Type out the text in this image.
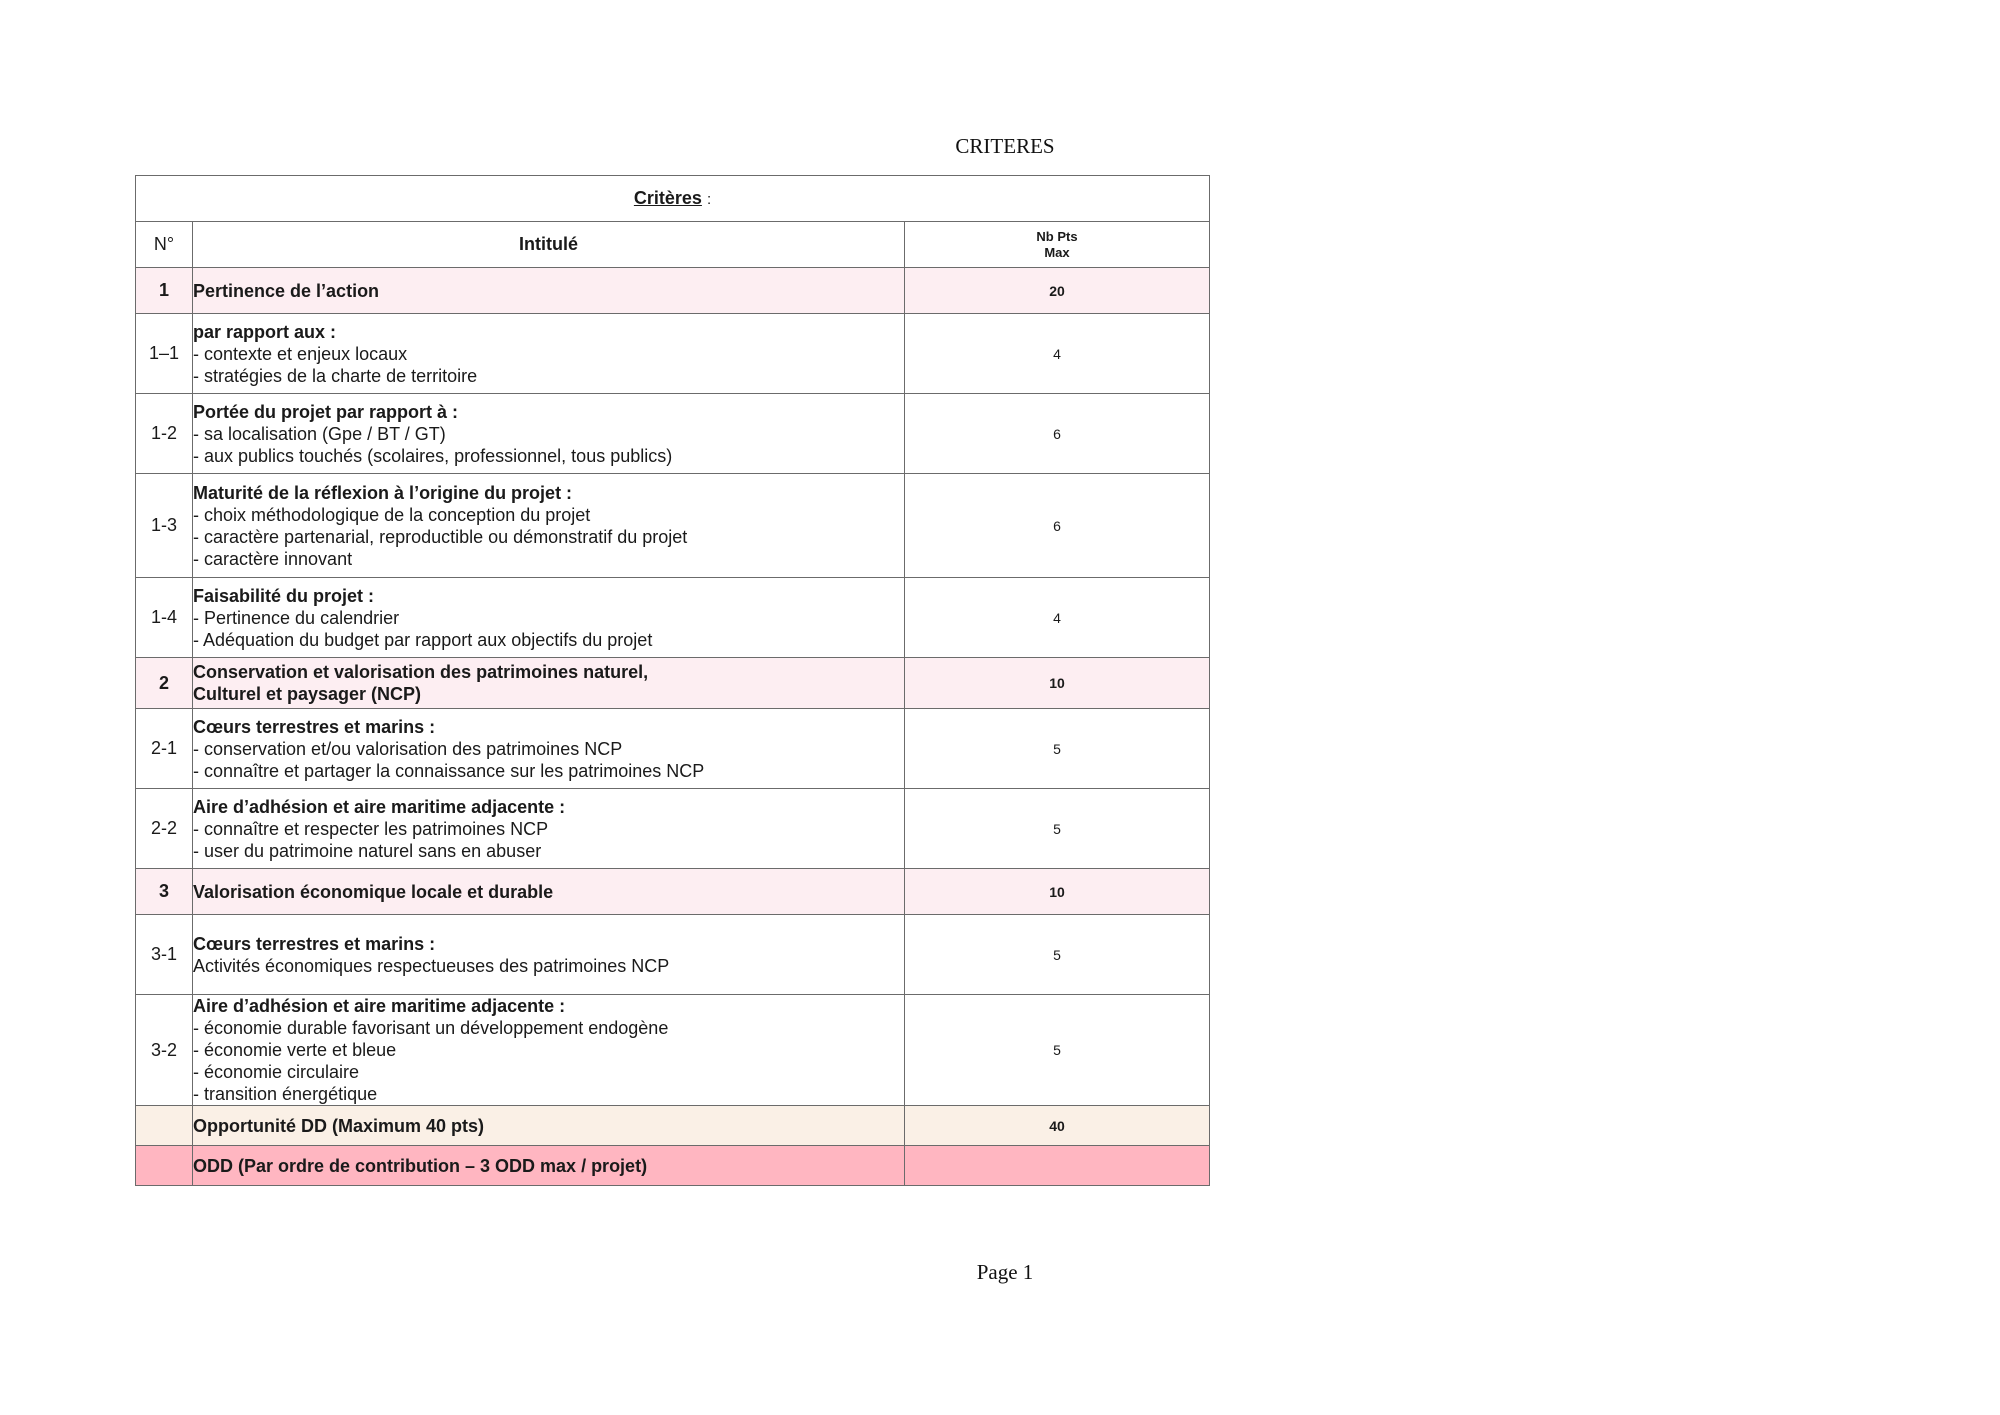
CRITERES
Critères :		
N°	Intitulé	Nb Pts
Max

1	Pertinence de l’action	20
1–1	par rapport aux :
- contexte et enjeux locaux
- stratégies de la charte de territoire	4
1-2	Portée du projet par rapport à :
- sa localisation (Gpe / BT / GT)
- aux publics touchés (scolaires, professionnel, tous publics)	6
1-3	Maturité de la réflexion à l’origine du projet :
- choix méthodologique de la conception du projet
- caractère partenarial, reproductible ou démonstratif du projet
- caractère innovant	6
1-4	Faisabilité du projet :
- Pertinence du calendrier
- Adéquation du budget par rapport aux objectifs du projet	4
2	Conservation et valorisation des patrimoines naturel,
Culturel et paysager (NCP)	10
2-1	Cœurs terrestres et marins :
- conservation et/ou valorisation des patrimoines NCP
- connaître et partager la connaissance sur les patrimoines NCP	5
2-2	Aire d’adhésion et aire maritime adjacente :
- connaître et respecter les patrimoines NCP
- user du patrimoine naturel sans en abuser	5
3	Valorisation économique locale et durable	10
3-1	Cœurs terrestres et marins :
Activités économiques respectueuses des patrimoines NCP	5
3-2	Aire d’adhésion et aire maritime adjacente :
- économie durable favorisant un développement endogène
- économie verte et bleue
- économie circulaire
- transition énergétique	5
	Opportunité DD (Maximum 40 pts)	40
	ODD (Par ordre de contribution – 3 ODD max / projet)	
Page 1
